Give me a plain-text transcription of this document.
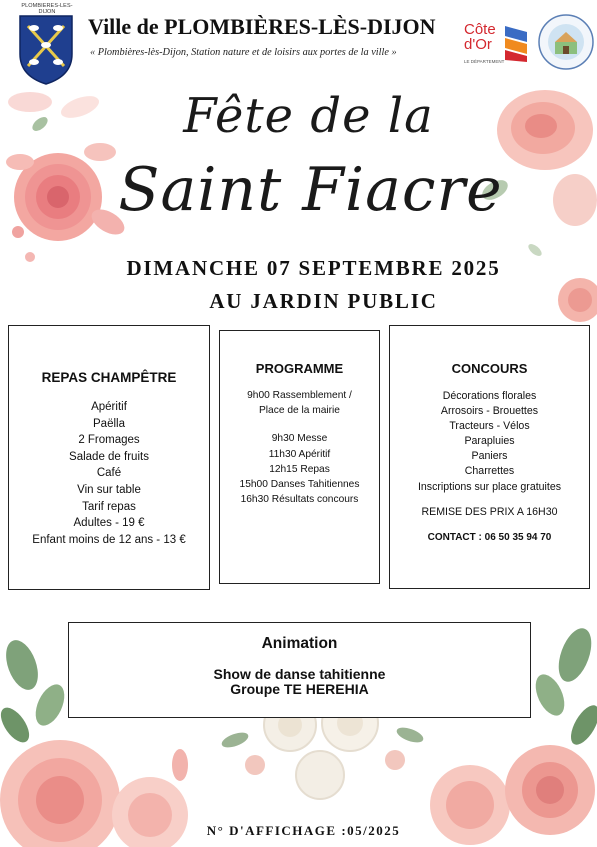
PLOMBIERES-LES-DIJON
Ville de PLOMBIÈRES-LÈS-DIJON
« Plombières-lès-Dijon, Station nature et de loisirs aux portes de la ville »
Côte
d'Or
LE DÉPARTEMENT
Fête de la
Saint Fiacre
DIMANCHE 07 SEPTEMBRE 2025
AU JARDIN PUBLIC
REPAS CHAMPÊTRE
Apéritif
Paëlla
2 Fromages
Salade de fruits
Café
Vin sur table
Tarif repas
Adultes - 19 €
Enfant moins de 12 ans - 13 €
PROGRAMME
9h00 Rassemblement /
Place de la mairie
9h30 Messe
11h30 Apéritif
12h15 Repas
15h00 Danses Tahitiennes
16h30 Résultats concours
CONCOURS
Décorations florales
Arrosoirs - Brouettes
Tracteurs - Vélos
Parapluies
Paniers
Charrettes
Inscriptions sur place gratuites
REMISE DES PRIX A 16H30
CONTACT : 06 50 35 94 70
Animation
Show de danse tahitienne
Groupe TE HEREHIA
N° D'AFFICHAGE :05/2025
